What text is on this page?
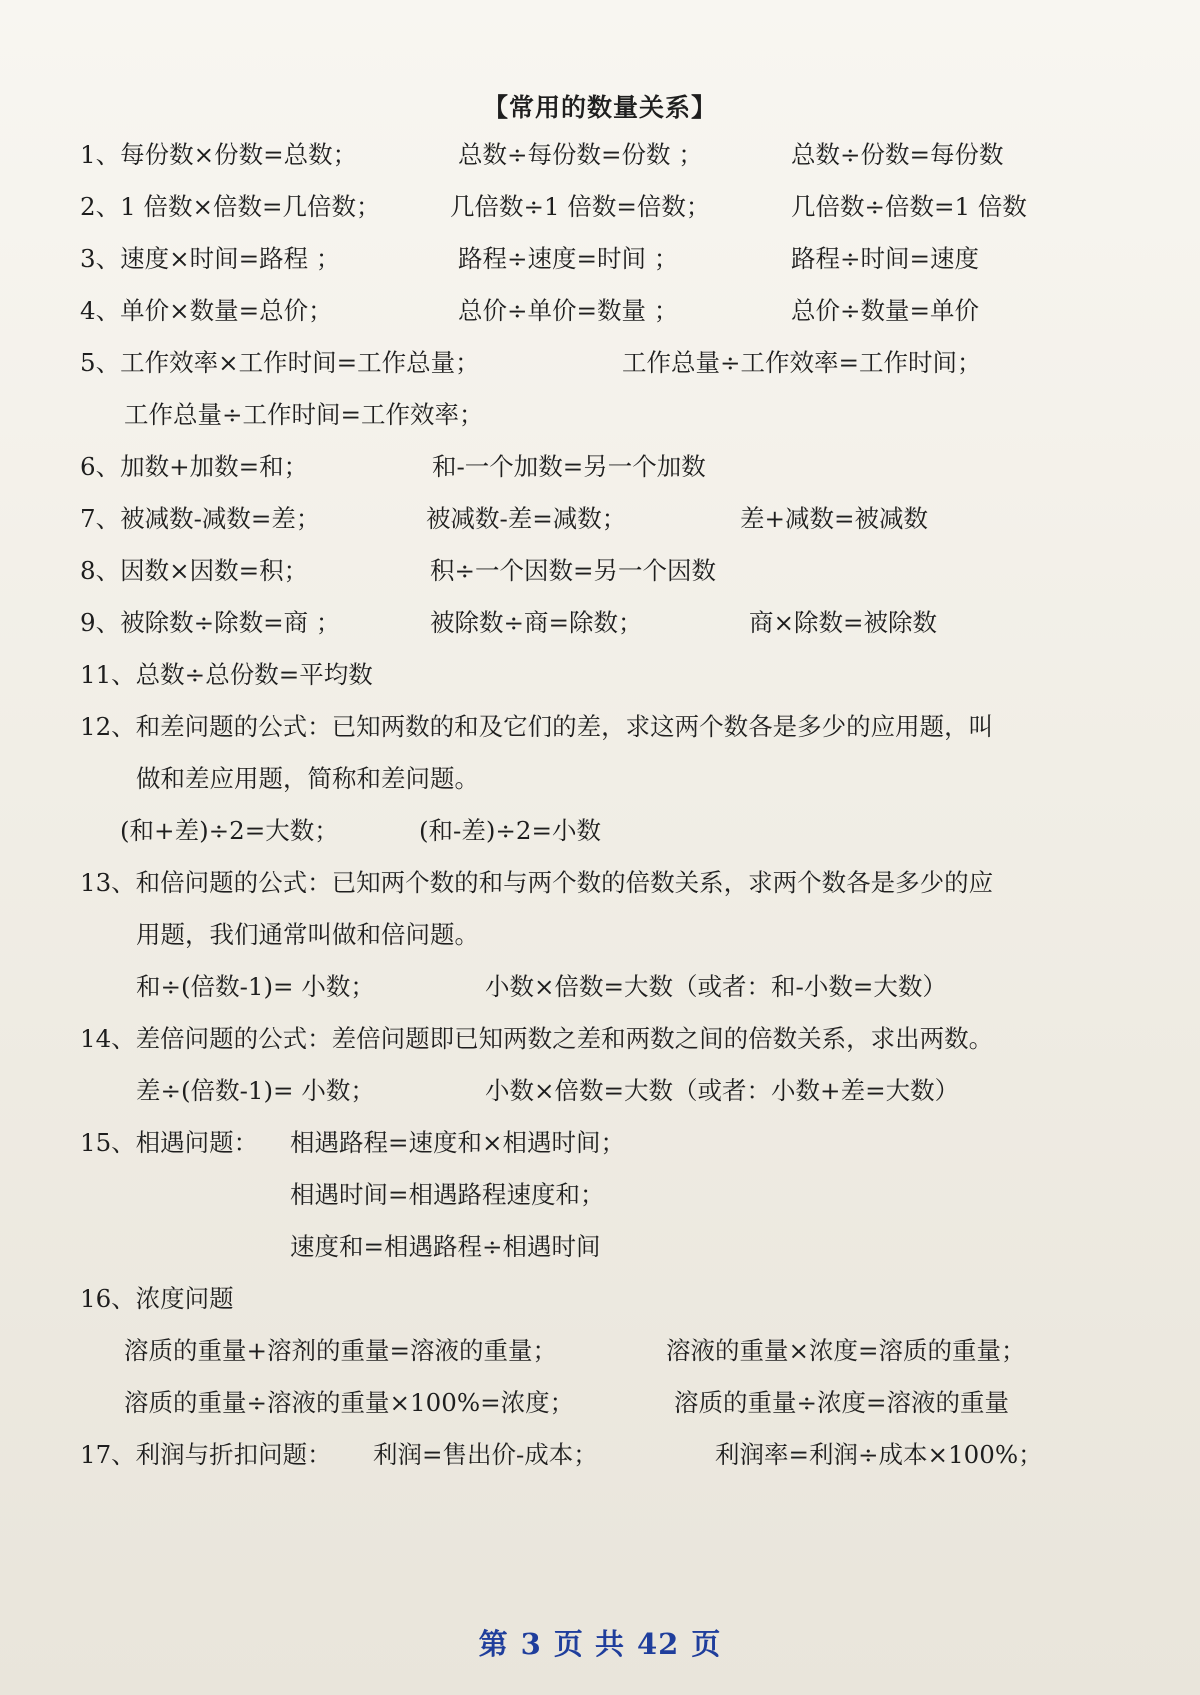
【常用的数量关系】
1、每份数×份数=总数；	总数÷每份数=份数 ；	总数÷份数=每份数
2、1 倍数×倍数=几倍数；	几倍数÷1 倍数=倍数；	几倍数÷倍数=1 倍数
3、速度×时间=路程 ；	路程÷速度=时间 ；	路程÷时间=速度
4、单价×数量=总价；	总价÷单价=数量 ；	总价÷数量=单价
5、工作效率×工作时间=工作总量；	工作总量÷工作效率=工作时间；
工作总量÷工作时间=工作效率；
6、加数+加数=和；	和-一个加数=另一个加数
7、被减数-减数=差；	被减数-差=减数；	差+减数=被减数
8、因数×因数=积；	积÷一个因数=另一个因数
9、被除数÷除数=商 ；	被除数÷商=除数；	商×除数=被除数
11、总数÷总份数=平均数
12、和差问题的公式：已知两数的和及它们的差，求这两个数各是多少的应用题，叫
做和差应用题，简称和差问题。
(和+差)÷2=大数；	(和-差)÷2=小数
13、和倍问题的公式：已知两个数的和与两个数的倍数关系，求两个数各是多少的应
用题，我们通常叫做和倍问题。
和÷(倍数-1)= 小数；	小数×倍数=大数（或者：和-小数=大数）
14、差倍问题的公式：差倍问题即已知两数之差和两数之间的倍数关系，求出两数。
差÷(倍数-1)= 小数；	小数×倍数=大数（或者：小数+差=大数）
15、相遇问题： 相遇路程=速度和×相遇时间；
相遇时间=相遇路程速度和；
速度和=相遇路程÷相遇时间
16、浓度问题
溶质的重量+溶剂的重量=溶液的重量；	溶液的重量×浓度=溶质的重量；
溶质的重量÷溶液的重量×100%=浓度；	溶质的重量÷浓度=溶液的重量
17、利润与折扣问题： 利润=售出价-成本；	利润率=利润÷成本×100%；
第 3 页 共 42 页
